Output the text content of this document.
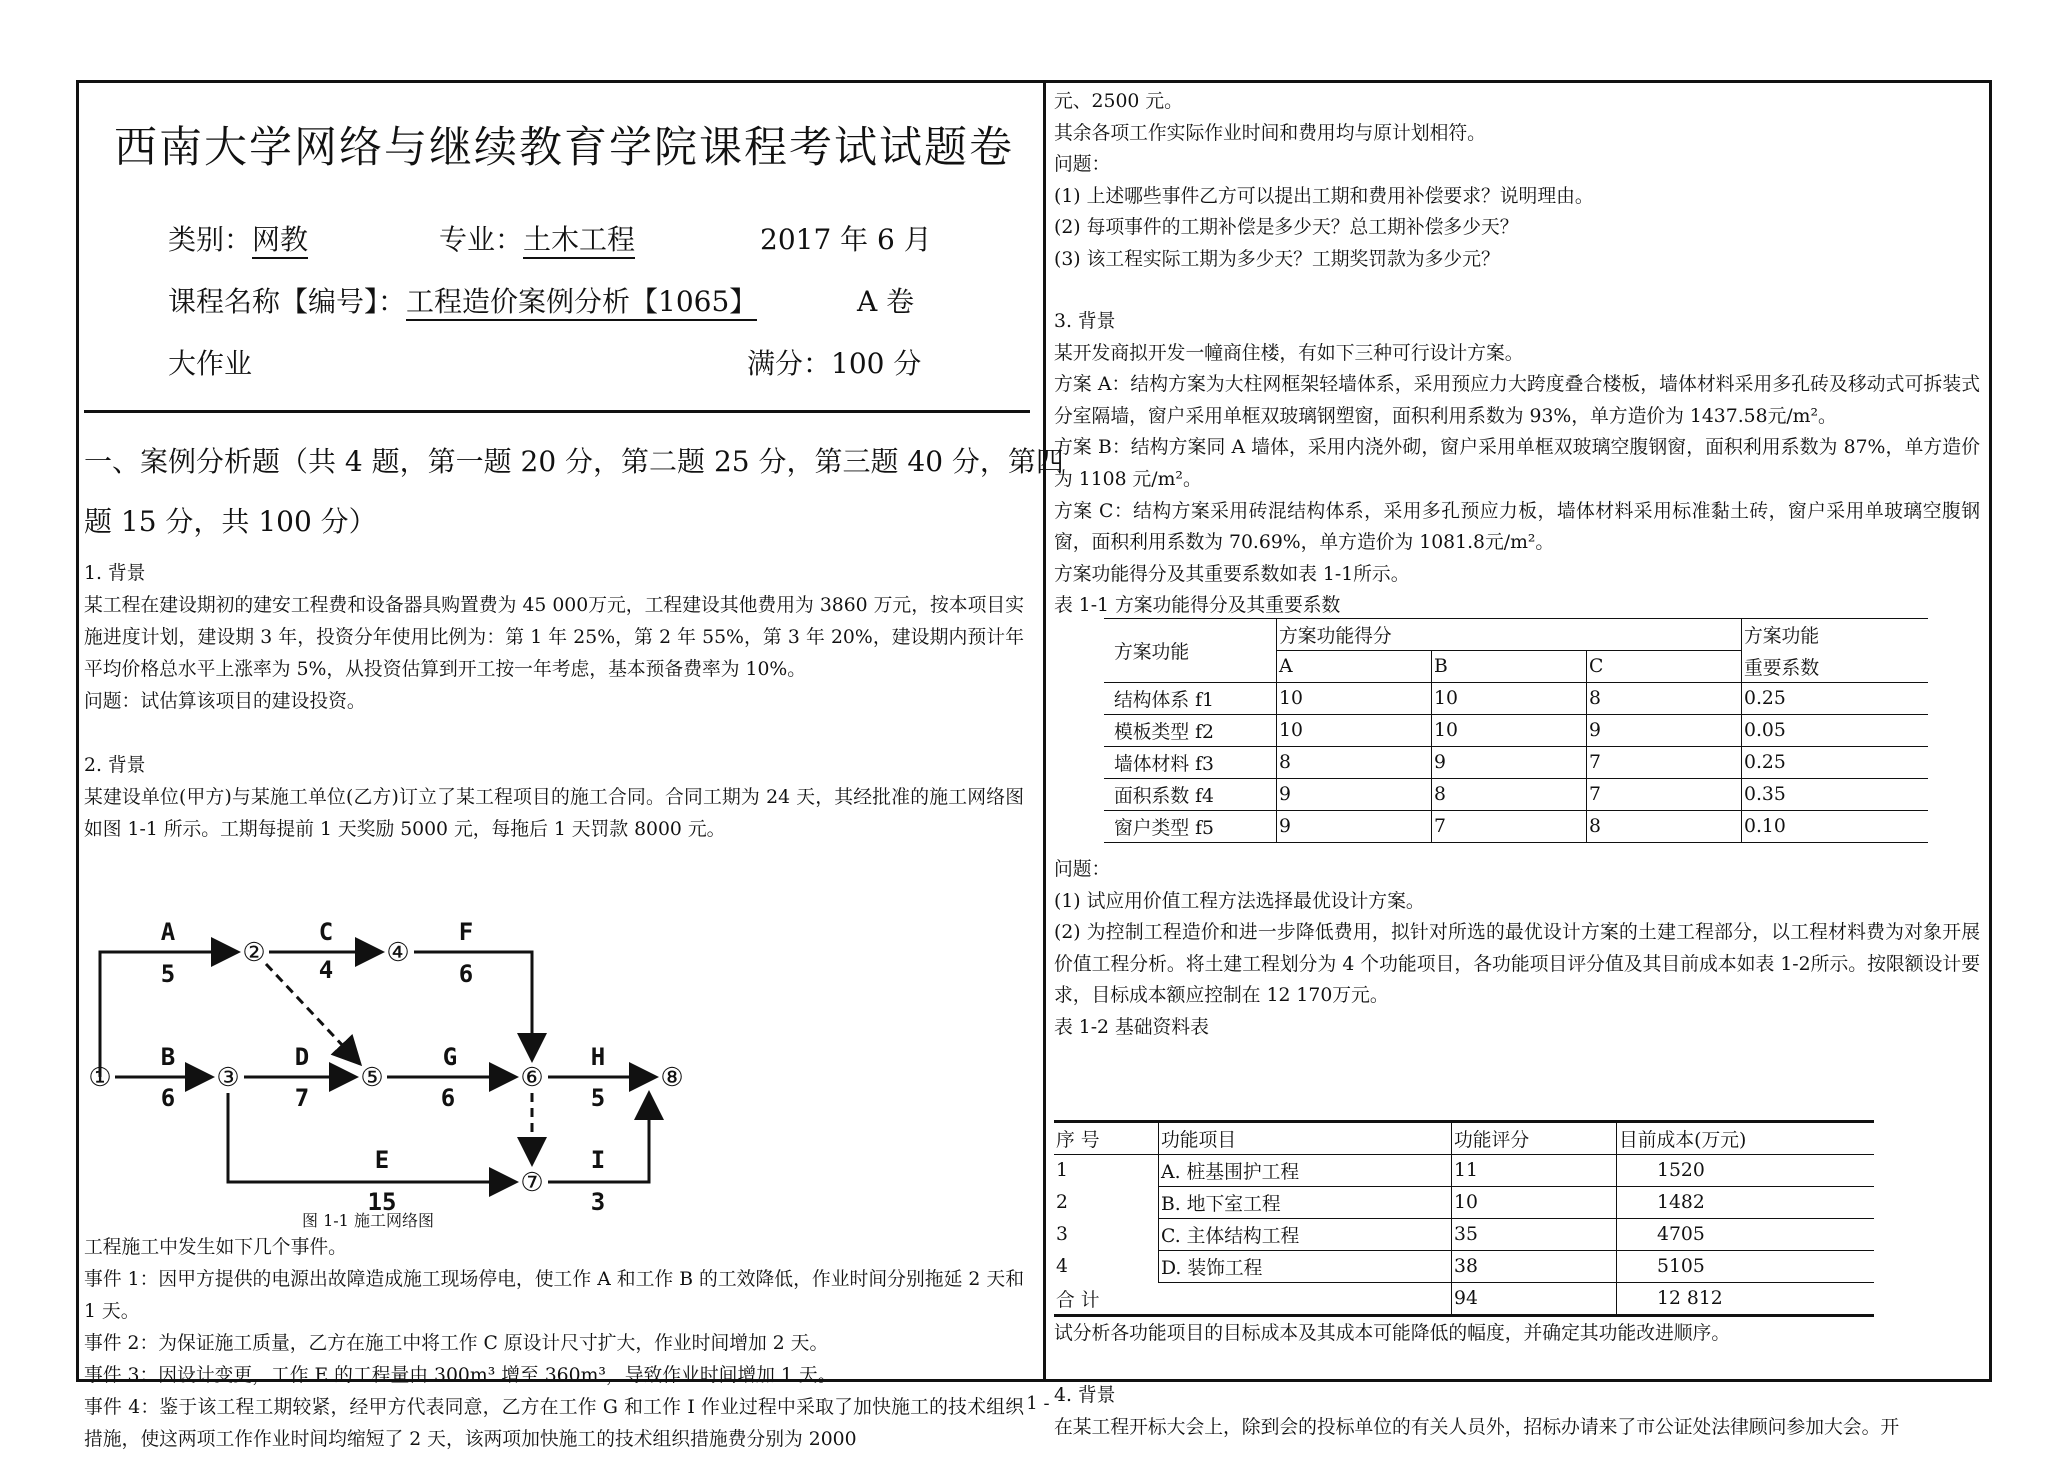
西南大学网络与继续教育学院课程考试试题卷
类别：网教	专业：土木工程	2017 年 6 月
课程名称【编号】：工程造价案例分析【1065】	A 卷
大作业	满分：100 分
一、案例分析题（共 4 题，第一题 20 分，第二题 25 分，第三题 40 分，第四
题 15 分，共 100 分）

1. 背景

某工程在建设期初的建安工程费和设备器具购置费为 45 000万元，工程建设其他费用为 3860 万元，按本项目实施进度计划，建设期 3 年，投资分年使用比例为：第 1 年 25%，第 2 年 55%，第 3 年 20%，建设期内预计年平均价格总水平上涨率为 5%，从投资估算到开工按一年考虑，基本预备费率为 10%。

问题：试估算该项目的建设投资。

2. 背景

某建设单位(甲方)与某施工单位(乙方)订立了某工程项目的施工合同。合同工期为 24 天，其经批准的施工网络图如图 1-1 所示。工期每提前 1 天奖励 5000 元，每拖后 1 天罚款 8000 元。

①
②
③
④
⑤	⑥
⑦
⑧
A
5
C
4
F
6
B
6
D
7
G
6
H
5
E
15
I
3
图 1-1 施工网络图

工程施工中发生如下几个事件。

事件 1：因甲方提供的电源出故障造成施工现场停电，使工作 A 和工作 B 的工效降低，作业时间分别拖延 2 天和 1 天。

事件 2：为保证施工质量，乙方在施工中将工作 C 原设计尺寸扩大，作业时间增加 2 天。

事件 3：因设计变更，工作 E 的工程量由 300m³ 增至 360m³，导致作业时间增加 1 天。

事件 4：鉴于该工程工期较紧，经甲方代表同意，乙方在工作 G 和工作 I 作业过程中采取了加快施工的技术组织措施，使这两项工作作业时间均缩短了 2 天，该两项加快施工的技术组织措施费分别为 2000

元、2500 元。

其余各项工作实际作业时间和费用均与原计划相符。

问题：

(1) 上述哪些事件乙方可以提出工期和费用补偿要求？说明理由。

(2) 每项事件的工期补偿是多少天？总工期补偿多少天？

(3) 该工程实际工期为多少天？工期奖罚款为多少元？

3. 背景

某开发商拟开发一幢商住楼，有如下三种可行设计方案。

方案 A：结构方案为大柱网框架轻墙体系，采用预应力大跨度叠合楼板，墙体材料采用多孔砖及移动式可拆装式分室隔墙，窗户采用单框双玻璃钢塑窗，面积利用系数为 93%，单方造价为 1437.58元/m²。

方案 B：结构方案同 A 墙体，采用内浇外砌，窗户采用单框双玻璃空腹钢窗，面积利用系数为 87%，单方造价为 1108 元/m²。

方案 C：结构方案采用砖混结构体系，采用多孔预应力板，墙体材料采用标准黏土砖，窗户采用单玻璃空腹钢窗，面积利用系数为 70.69%，单方造价为 1081.8元/m²。

方案功能得分及其重要系数如表 1-1所示。

表 1-1 方案功能得分及其重要系数

方案功能	方案功能得分			方案功能
	A	B	C	重要系数
结构体系 f1	10	10	8	0.25
模板类型 f2	10	10	9	0.05
墙体材料 f3	8	9	7	0.25
面积系数 f4	9	8	7	0.35
窗户类型 f5	9	7	8	0.10

问题：

(1) 试应用价值工程方法选择最优设计方案。

(2) 为控制工程造价和进一步降低费用，拟针对所选的最优设计方案的土建工程部分，以工程材料费为对象开展价值工程分析。将土建工程划分为 4 个功能项目，各功能项目评分值及其目前成本如表 1-2所示。按限额设计要求，目标成本额应控制在 12 170万元。

表 1-2 基础资料表

序 号	功能项目	功能评分	目前成本(万元)
1	A. 桩基围护工程	11	1520
2	B. 地下室工程	10	1482
3	C. 主体结构工程	35	4705
4	D. 装饰工程	38	5105
合 计		94	12 812

试分析各功能项目的目标成本及其成本可能降低的幅度，并确定其功能改进顺序。

4. 背景

在某工程开标大会上，除到会的投标单位的有关人员外，招标办请来了市公证处法律顾问参加大会。开

- 1 -
